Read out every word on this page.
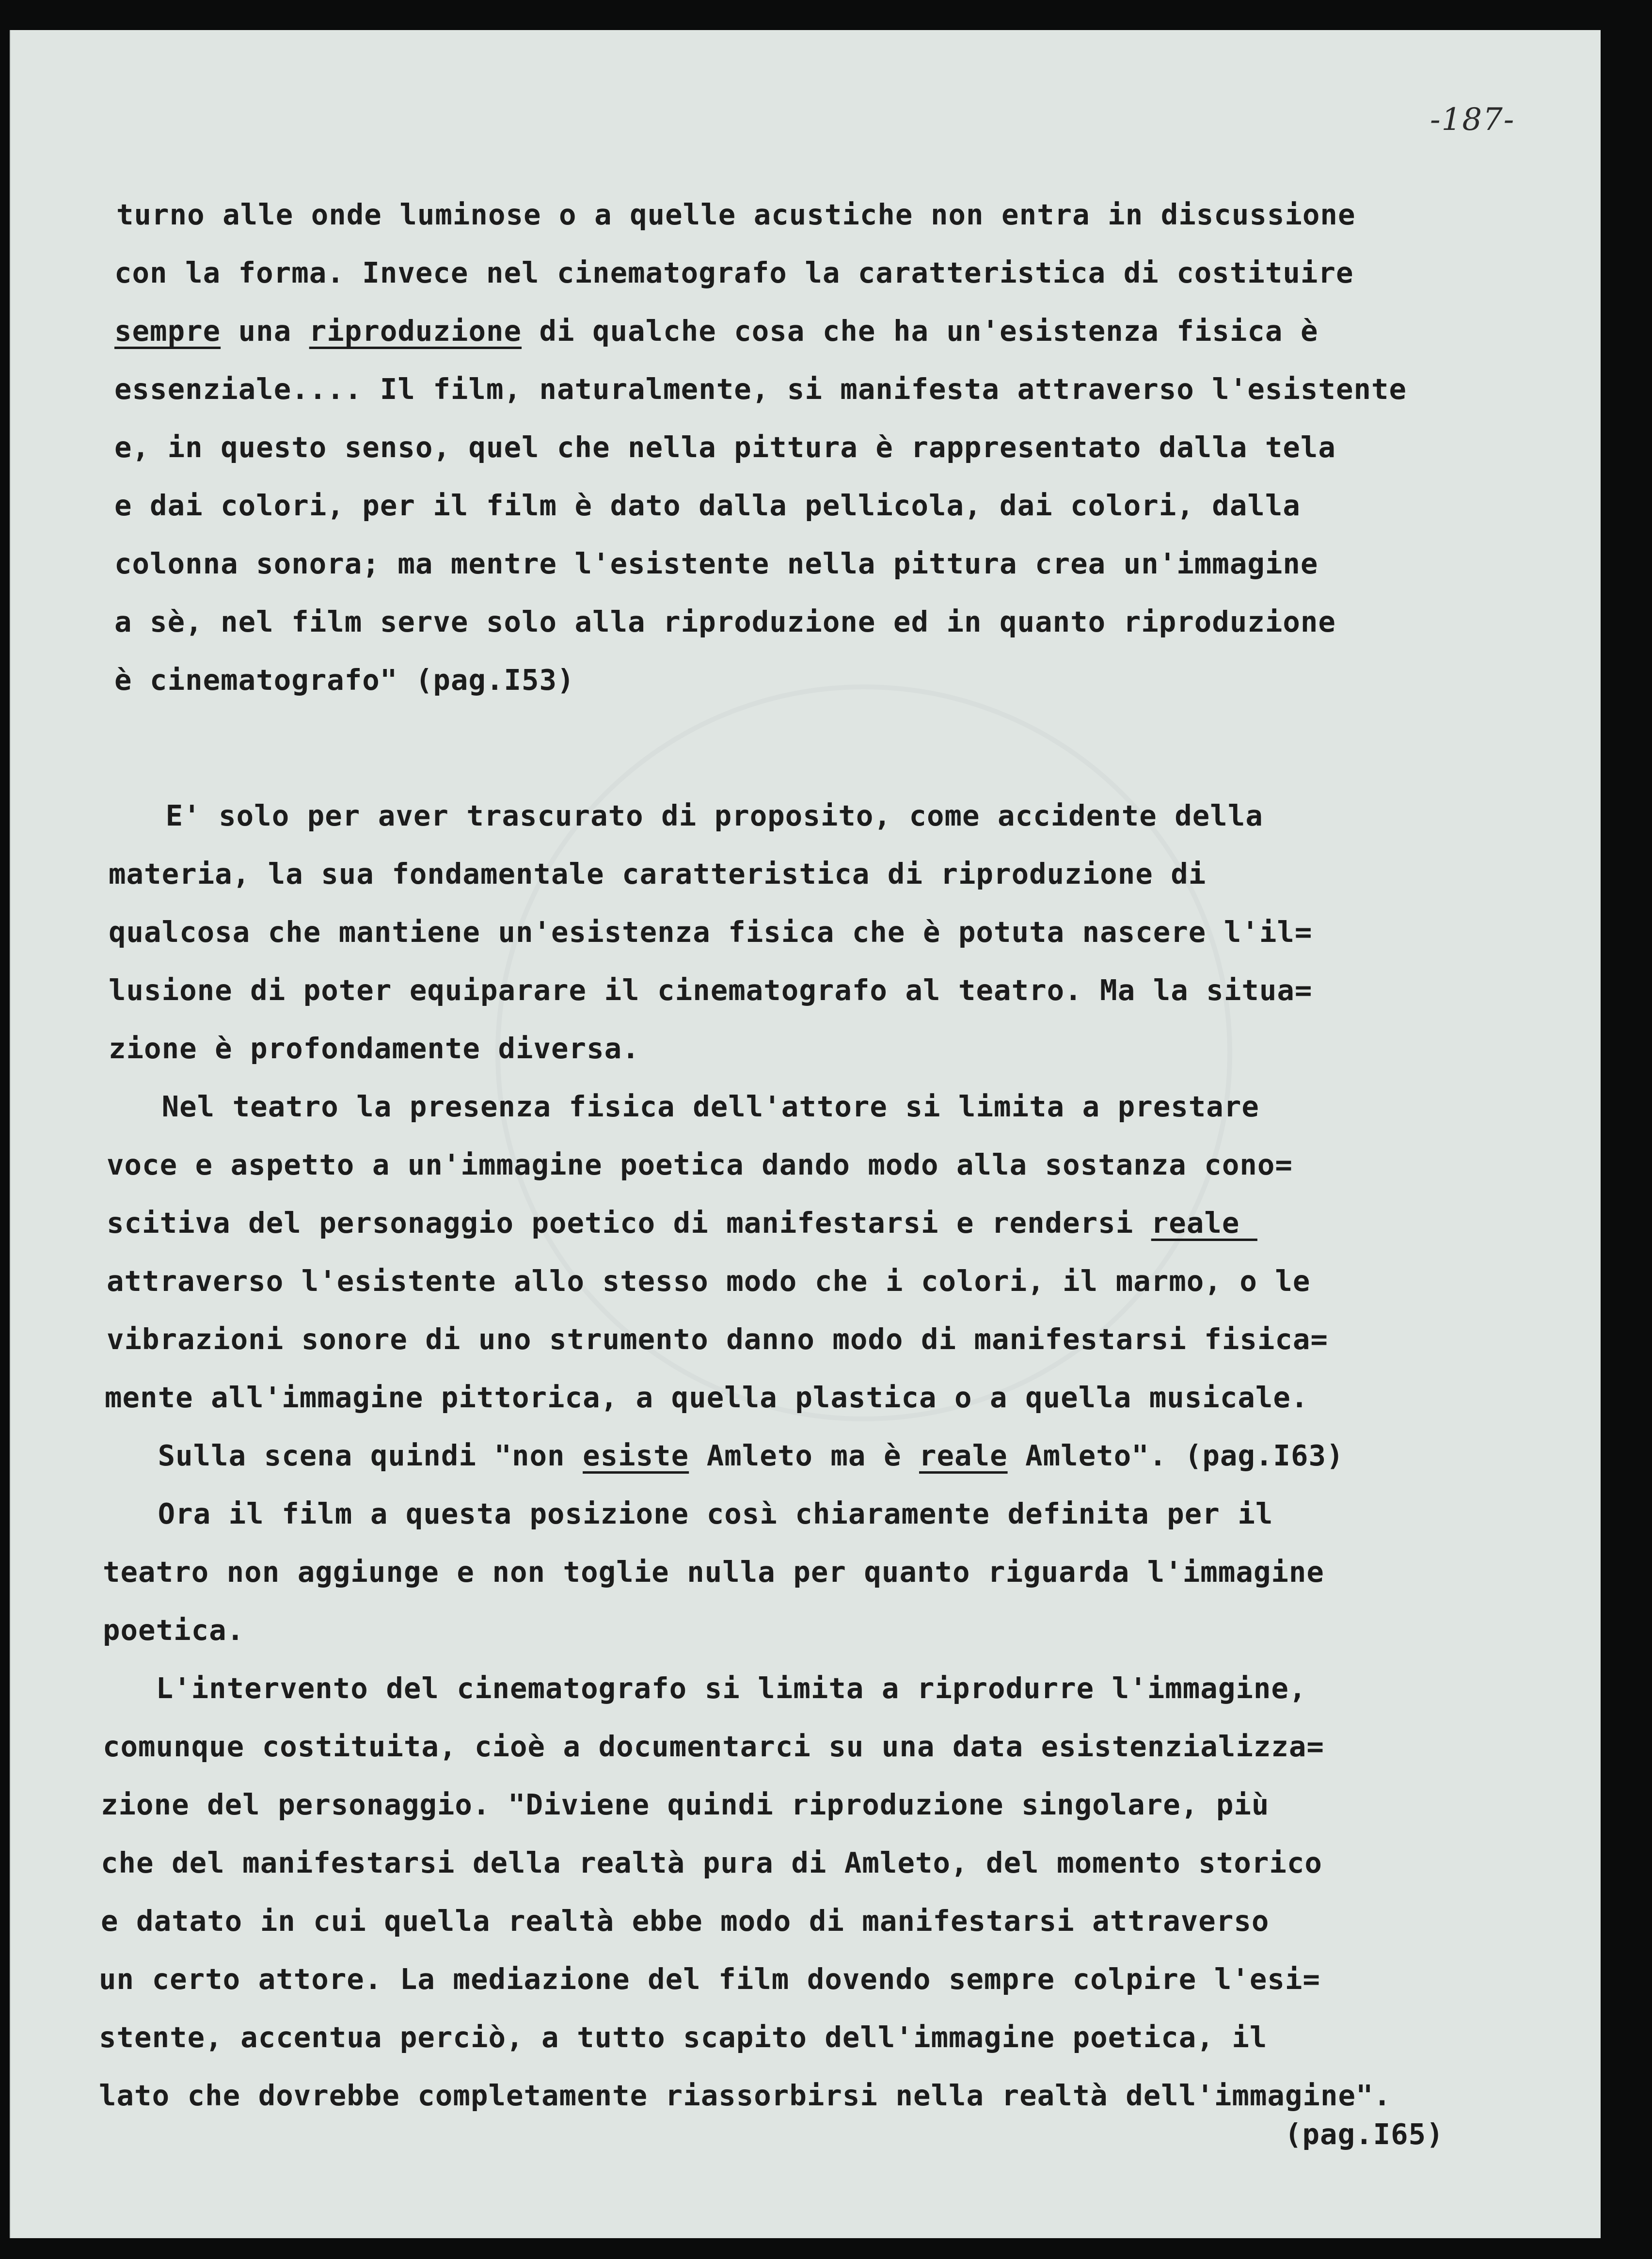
-187-
turno alle onde luminose o a quelle acustiche non entra in discussione
con la forma. Invece nel cinematografo la caratteristica di costituire
sempre una riproduzione di qualche cosa che ha un'esistenza fisica è
essenziale.... Il film, naturalmente, si manifesta attraverso l'esistente
e, in questo senso, quel che nella pittura è rappresentato dalla tela
e dai colori, per il film è dato dalla pellicola, dai colori, dalla
colonna sonora; ma mentre l'esistente nella pittura crea un'immagine
a sè, nel film serve solo alla riproduzione ed in quanto riproduzione
è cinematografo" (pag.I53)
E' solo per aver trascurato di proposito, come accidente della
materia, la sua fondamentale caratteristica di riproduzione di
qualcosa che mantiene un'esistenza fisica che è potuta nascere l'il=
lusione di poter equiparare il cinematografo al teatro. Ma la situa=
zione è profondamente diversa.
Nel teatro la presenza fisica dell'attore si limita a prestare
voce e aspetto a un'immagine poetica dando modo alla sostanza cono=
scitiva del personaggio poetico di manifestarsi e rendersi reale
attraverso l'esistente allo stesso modo che i colori, il marmo, o le
vibrazioni sonore di uno strumento danno modo di manifestarsi fisica=
mente all'immagine pittorica, a quella plastica o a quella musicale.
Sulla scena quindi "non esiste Amleto ma è reale Amleto". (pag.I63)
Ora il film a questa posizione così chiaramente definita per il
teatro non aggiunge e non toglie nulla per quanto riguarda l'immagine
poetica.
L'intervento del cinematografo si limita a riprodurre l'immagine,
comunque costituita, cioè a documentarci su una data esistenzializza=
zione del personaggio. "Diviene quindi riproduzione singolare, più
che del manifestarsi della realtà pura di Amleto, del momento storico
e datato in cui quella realtà ebbe modo di manifestarsi attraverso
un certo attore. La mediazione del film dovendo sempre colpire l'esi=
stente, accentua perciò, a tutto scapito dell'immagine poetica, il
lato che dovrebbe completamente riassorbirsi nella realtà dell'immagine".
(pag.I65)
